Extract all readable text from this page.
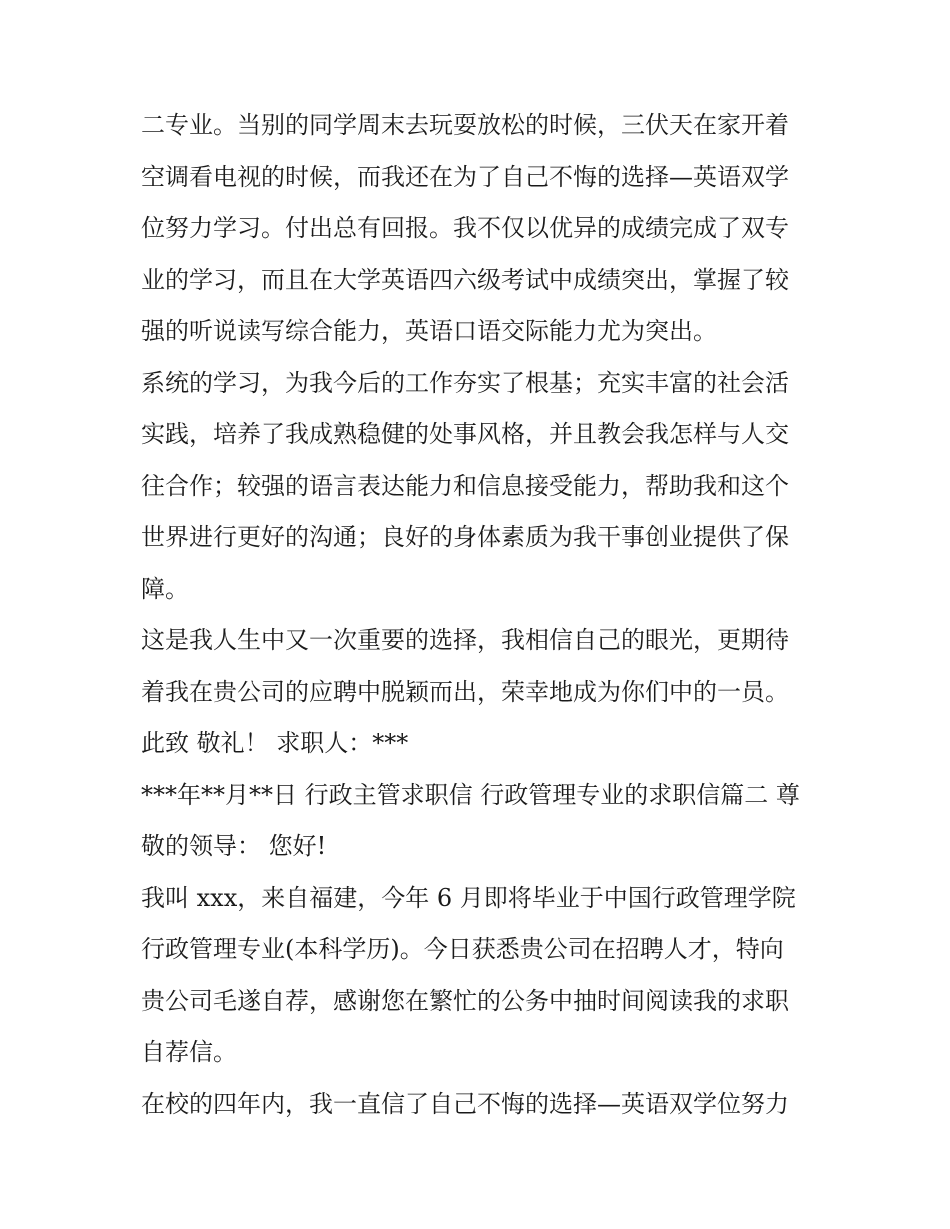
二专业。当别的同学周末去玩耍放松的时候，三伏天在家开着
空调看电视的时候，而我还在为了自己不悔的选择—英语双学
位努力学习。付出总有回报。我不仅以优异的成绩完成了双专
业的学习，而且在大学英语四六级考试中成绩突出，掌握了较
强的听说读写综合能力，英语口语交际能力尤为突出。
系统的学习，为我今后的工作夯实了根基；充实丰富的社会活
实践，培养了我成熟稳健的处事风格，并且教会我怎样与人交
往合作；较强的语言表达能力和信息接受能力，帮助我和这个
世界进行更好的沟通；良好的身体素质为我干事创业提供了保
障。
这是我人生中又一次重要的选择，我相信自己的眼光，更期待
着我在贵公司的应聘中脱颖而出，荣幸地成为你们中的一员。
此致 敬礼！ 求职人：***
***年**月**日 行政主管求职信 行政管理专业的求职信篇二 尊
敬的领导： 您好!
我叫 xxx，来自福建，今年 6 月即将毕业于中国行政管理学院
行政管理专业(本科学历)。今日获悉贵公司在招聘人才，特向
贵公司毛遂自荐，感谢您在繁忙的公务中抽时间阅读我的求职
自荐信。
在校的四年内，我一直信了自己不悔的选择—英语双学位努力
